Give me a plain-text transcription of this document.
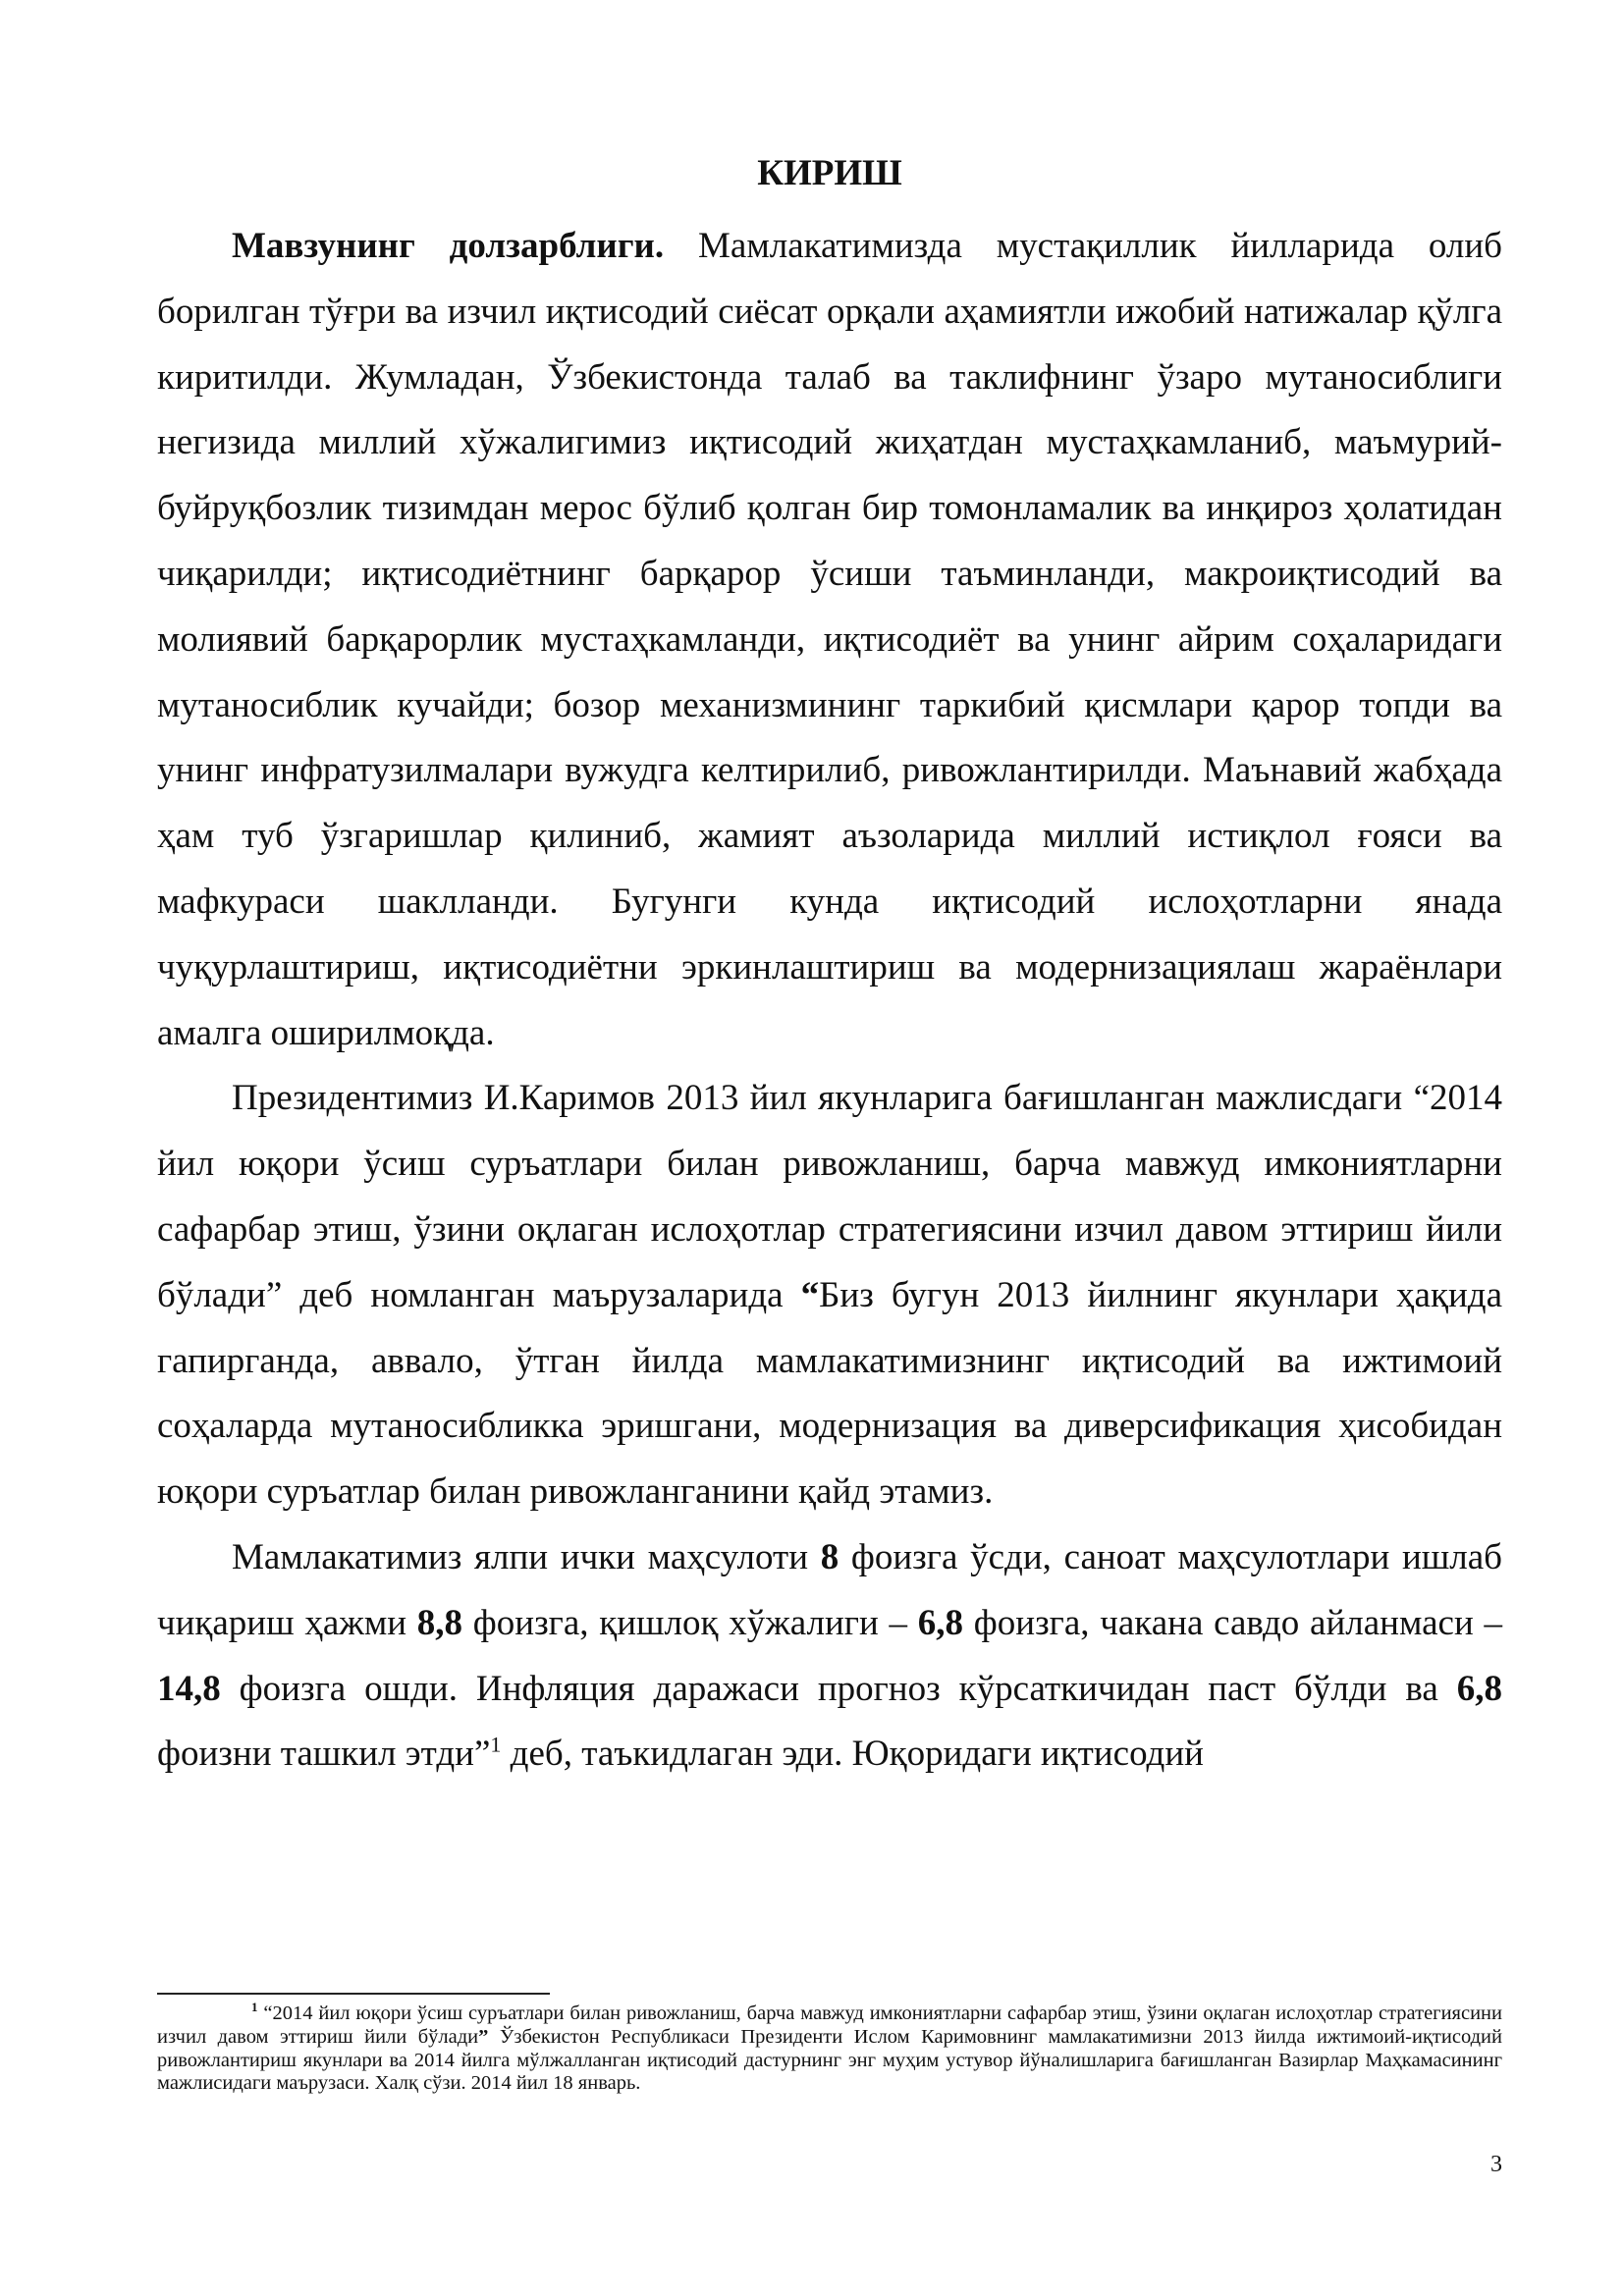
КИРИШ

Мавзунинг долзарблиги. Мамлакатимизда мустақиллик йилларида олиб борилган тўғри ва изчил иқтисодий сиёсат орқали аҳамиятли ижобий натижалар қўлга киритилди. Жумладан, Ўзбекистонда талаб ва таклифнинг ўзаро мутаносиблиги негизида миллий хўжалигимиз иқтисодий жиҳатдан мустаҳкамланиб, маъмурий-буйруқбозлик тизимдан мерос бўлиб қолган бир томонламалик ва инқироз ҳолатидан чиқарилди; иқтисодиётнинг барқарор ўсиши таъминланди, макроиқтисодий ва молиявий барқарорлик мустаҳкамланди, иқтисодиёт ва унинг айрим соҳаларидаги мутаносиблик кучайди; бозор механизмининг таркибий қисмлари қарор топди ва унинг инфратузилмалари вужудга келтирилиб, ривожлантирилди. Маънавий жабҳада ҳам туб ўзгаришлар қилиниб, жамият аъзоларида миллий истиқлол ғояси ва мафкураси шаклланди. Бугунги кунда иқтисодий ислоҳотларни янада чуқурлаштириш, иқтисодиётни эркинлаштириш ва модернизациялаш жараёнлари амалга оширилмоқда.

Президентимиз И.Каримов 2013 йил якунларига бағишланган мажлисдаги “2014 йил юқори ўсиш суръатлари билан ривожланиш, барча мавжуд имкониятларни сафарбар этиш, ўзини оқлаган ислоҳотлар стратегиясини изчил давом эттириш йили бўлади” деб номланган маърузаларида “Биз бугун 2013 йилнинг якунлари ҳақида гапирганда, аввало, ўтган йилда мамлакатимизнинг иқтисодий ва ижтимоий соҳаларда мутаносибликка эришгани, модернизация ва диверсификация ҳисобидан юқори суръатлар билан ривожланганини қайд этамиз.

Мамлакатимиз ялпи ички маҳсулоти 8 фоизга ўсди, саноат маҳсулотлари ишлаб чиқариш ҳажми 8,8 фоизга, қишлоқ хўжалиги – 6,8 фоизга, чакана савдо айланмаси – 14,8 фоизга ошди. Инфляция даражаси прогноз кўрсаткичидан паст бўлди ва 6,8 фоизни ташкил этди”$^1$ деб, таъкидлаган эди. Юқоридаги иқтисодий

$^1$ “2014 йил юқори ўсиш суръатлари билан ривожланиш, барча мавжуд имкониятларни сафарбар этиш, ўзини оқлаган ислоҳотлар стратегиясини изчил давом эттириш йили бўлади” Ўзбекистон Республикаси Президенти Ислом Каримовнинг мамлакатимизни 2013 йилда ижтимоий-иқтисодий ривожлантириш якунлари ва 2014 йилга мўлжалланган иқтисодий дастурнинг энг муҳим устувор йўналишларига бағишланган Вазирлар Маҳкамасининг мажлисидаги маърузаси. Халқ сўзи. 2014 йил 18 январь.

3
